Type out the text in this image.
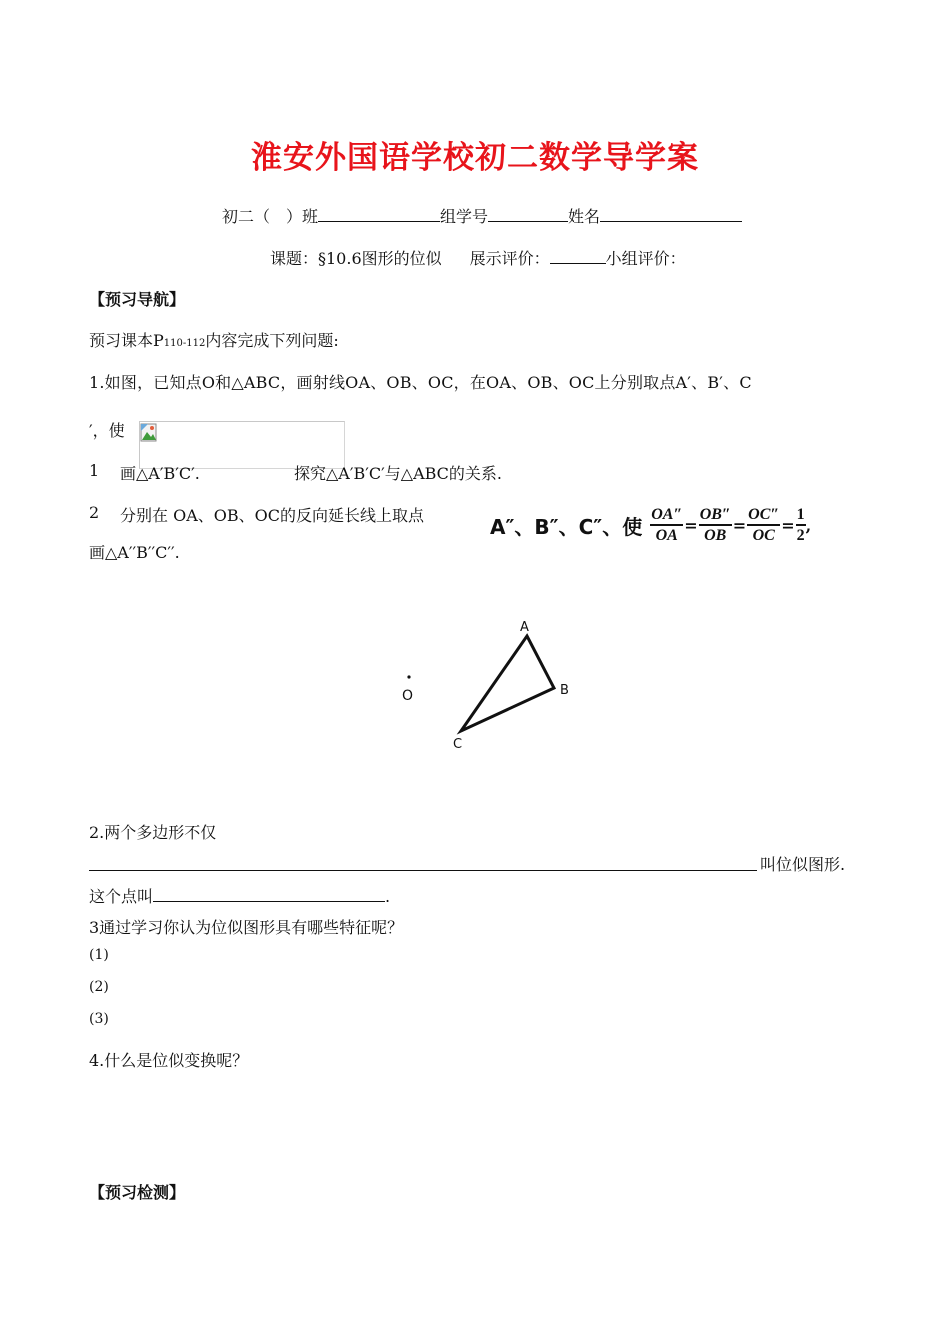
淮安外国语学校初二数学导学案
初二（　）班	组学号	姓名
课题：§10.6图形的位似 展示评价：	小组评价：
【预习导航】
预习课本P110-112内容完成下列问题:
1.如图，已知点O和△ABC，画射线OA、OB、OC，在OA、OB、OC上分别取点A′、B′、C
′，使
1 画△A′B′C′.	探究△A′B′C′与△ABC的关系.
2 分别在 OA、OB、OC的反向延长线上取点
画△A′′B′′C′′.
A″、B″、C″、使 $\frac{OA''}{OA} = \frac{OB''}{OB} = \frac{OC''}{OC} = \frac{1}{2}$ ,
O
A
B
C
2.两个多边形不仅
叫位似图形.
这个点叫	.
3通过学习你认为位似图形具有哪些特征呢？
(1)
(2)
(3)
4.什么是位似变换呢？
【预习检测】
